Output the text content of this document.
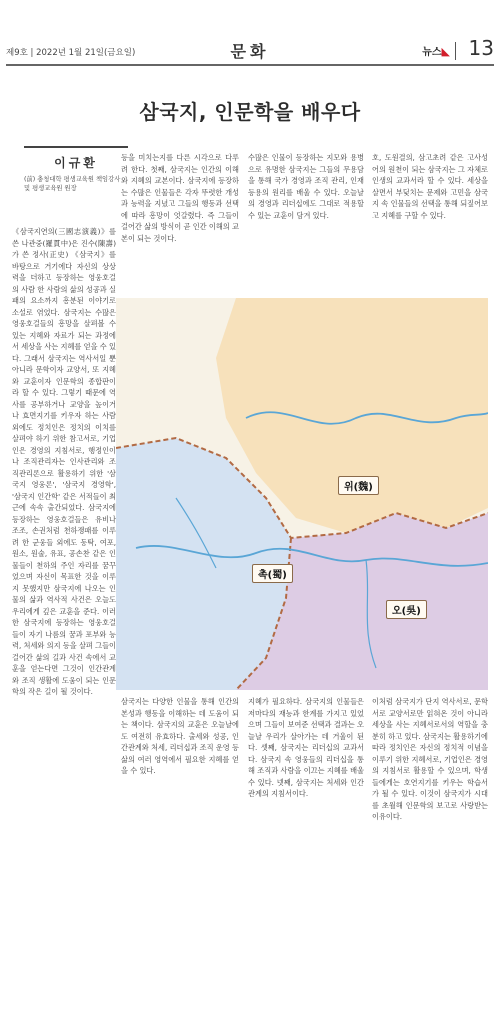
제9호 | 2022년 1월 21일(금요일)	문화	뉴스◣ 13
삼국지, 인문학을 배우다
이규환
(前) 충청대학 평생교육원 책임강사 및 평생교육원 원장
《삼국지연의(三國志演義)》를 쓴 나관중(羅貫中)은 진수(陳壽)가 쓴 정사(正史) 《삼국지》를 바탕으로 거기에다 자신의 상상력을 더하고 등장하는 영웅호걸의 사람 한 사람의 삶의 성공과 실패의 요소까지 흥분된 이야기로 소설로 엮었다. 삼국지는 수많은 영웅호걸들의 흥망을 살펴볼 수 있는 지혜와 자료가 되는 과정에서 세상을 사는 지혜를 얻을 수 있다. 그래서 삼국지는 역사서일 뿐 아니라 문학이자 교양서, 또 지혜와 교훈이자 인문학의 종합판이라 할 수 있다. 그렇기 때문에 역사를 공부하거나 교양을 높이거나 효면지기를 키우자 하는 사람 외에도 정치인은 정치의 이치를 살펴야 하기 위한 참고서로, 기업인은 경영의 지침서로, 행정인이나 조직관리자는 인사관리와 조직관리론으로 활용하기 위한 '삼국지 영웅론', '삼국지 경영학', '삼국지 인간학' 같은 서적들이 최근에 속속 출간되었다. 삼국지에 등장하는 영웅호걸들은 유비나 조조, 손권처럼 천하쟁패를 이루려 한 군웅들 외에도 동탁, 여포, 원소, 원술, 유표, 공손찬 같은 인물들이 천하의 주인 자리를 꿈꾸었으며 자신이 목표한 것을 이루지 못했지만 삼국지에 나오는 인물의 삶과 역사적 사건은 오늘도 우리에게 깊은 교훈을 준다. 이러한 삼국지에 등장하는 영웅호걸들이 자기 나름의 꿈과 포부와 능력, 처세와 의지 등을 살펴 그들이 걸어간 삶의 길과 사건 속에서 교훈을 얻는다면 그것이 인간관계와 조직 생활에 도움이 되는 인문학의 작은 길이 될 것이다.
등을 미치는지를 다른 시각으로 다루려 한다. 첫째, 삼국지는 인간의 이해와 지혜의 교본이다. 삼국지에 등장하는 수많은 인물들은 각자 뚜렷한 개성과 능력을 지녔고 그들의 행동과 선택에 따라 흥망이 엇갈렸다. 즉 그들이 걸어간 삶의 방식이 곧 인간 이해의 교본이 되는 것이다.
수많은 인물이 등장하는 지모와 용병으로 유명한 삼국지는 그들의 무용담을 통해 국가 경영과 조직 관리, 인재 등용의 원리를 배울 수 있다. 오늘날의 경영과 리더십에도 그대로 적용할 수 있는 교훈이 담겨 있다.
호, 도원결의, 삼고초려 같은 고사성어의 원천이 되는 삼국지는 그 자체로 인생의 교과서라 할 수 있다. 세상을 살면서 부딪치는 문제와 고민을 삼국지 속 인물들의 선택을 통해 되짚어보고 지혜를 구할 수 있다.
삼국지는 다양한 인물을 통해 인간의 본성과 행동을 이해하는 데 도움이 되는 책이다. 삼국지의 교훈은 오늘날에도 여전히 유효하다. 출세와 성공, 인간관계와 처세, 리더십과 조직 운영 등 삶의 여러 영역에서 필요한 지혜를 얻을 수 있다.
지혜가 필요하다. 삼국지의 인물들은 저마다의 재능과 한계를 가지고 있었으며 그들이 보여준 선택과 결과는 오늘날 우리가 살아가는 데 거울이 된다. 셋째, 삼국지는 리더십의 교과서다. 삼국지 속 영웅들의 리더십을 통해 조직과 사람을 이끄는 지혜를 배울 수 있다. 넷째, 삼국지는 처세와 인간관계의 지침서이다.
이처럼 삼국지가 단지 역사서로, 문학서로 교양서로만 읽혀온 것이 아니라 세상을 사는 지혜서로서의 역할을 충분히 하고 있다. 삼국지는 활용하기에 따라 정치인은 자신의 정치적 이념을 이루기 위한 지혜서로, 기업인은 경영의 지침서로 활용할 수 있으며, 학생들에게는 호연지기를 키우는 학습서가 될 수 있다. 이것이 삼국지가 시대를 초월해 인문학의 보고로 사랑받는 이유이다.
위(魏)
촉(蜀)
오(吳)
